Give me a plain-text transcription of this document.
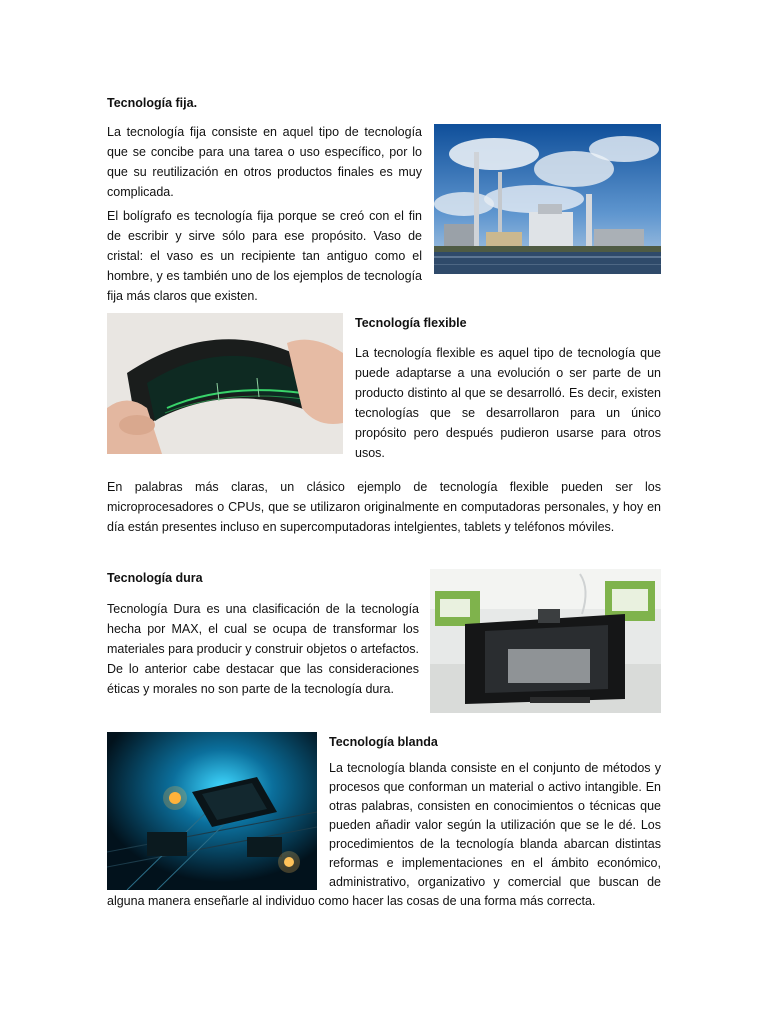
Tecnología fija.

La tecnología fija consiste en aquel tipo de tecnología que se concibe para una tarea o uso específico, por lo que su reutilización en otros productos finales es muy complicada.

El bolígrafo es tecnología fija porque se creó con el fin de escribir y sirve sólo para ese propósito. Vaso de cristal: el vaso es un recipiente tan antiguo como el hombre, y es también uno de los ejemplos de tecnología fija más claros que existen.

Tecnología flexible

La tecnología flexible es aquel tipo de tecnología que puede adaptarse a una evolución o ser parte de un producto distinto al que se desarrolló. Es decir, existen tecnologías que se desarrollaron para un único propósito pero después pudieron usarse para otros usos.

En palabras más claras, un clásico ejemplo de tecnología flexible pueden ser los microprocesadores o CPUs, que se utilizaron originalmente en computadoras personales, y hoy en día están presentes incluso en supercomputadoras intelgientes, tablets y teléfonos móviles.

Tecnología dura

Tecnología Dura es una clasificación de la tecnología hecha por MAX, el cual se ocupa de transformar los materiales para producir y construir objetos o artefactos. De lo anterior cabe destacar que las consideraciones éticas y morales no son parte de la tecnología dura.

Tecnología blanda
La tecnología blanda consiste en el conjunto de métodos y procesos que conforman un material o activo intangible. En otras palabras, consisten en conocimientos o técnicas que pueden añadir valor según la utilización que se le dé. Los procedimientos de la tecnología blanda abarcan distintas reformas e implementaciones en el ámbito económico, administrativo, organizativo y comercial que buscan de alguna manera enseñarle al individuo como hacer las cosas de una forma más correcta.
